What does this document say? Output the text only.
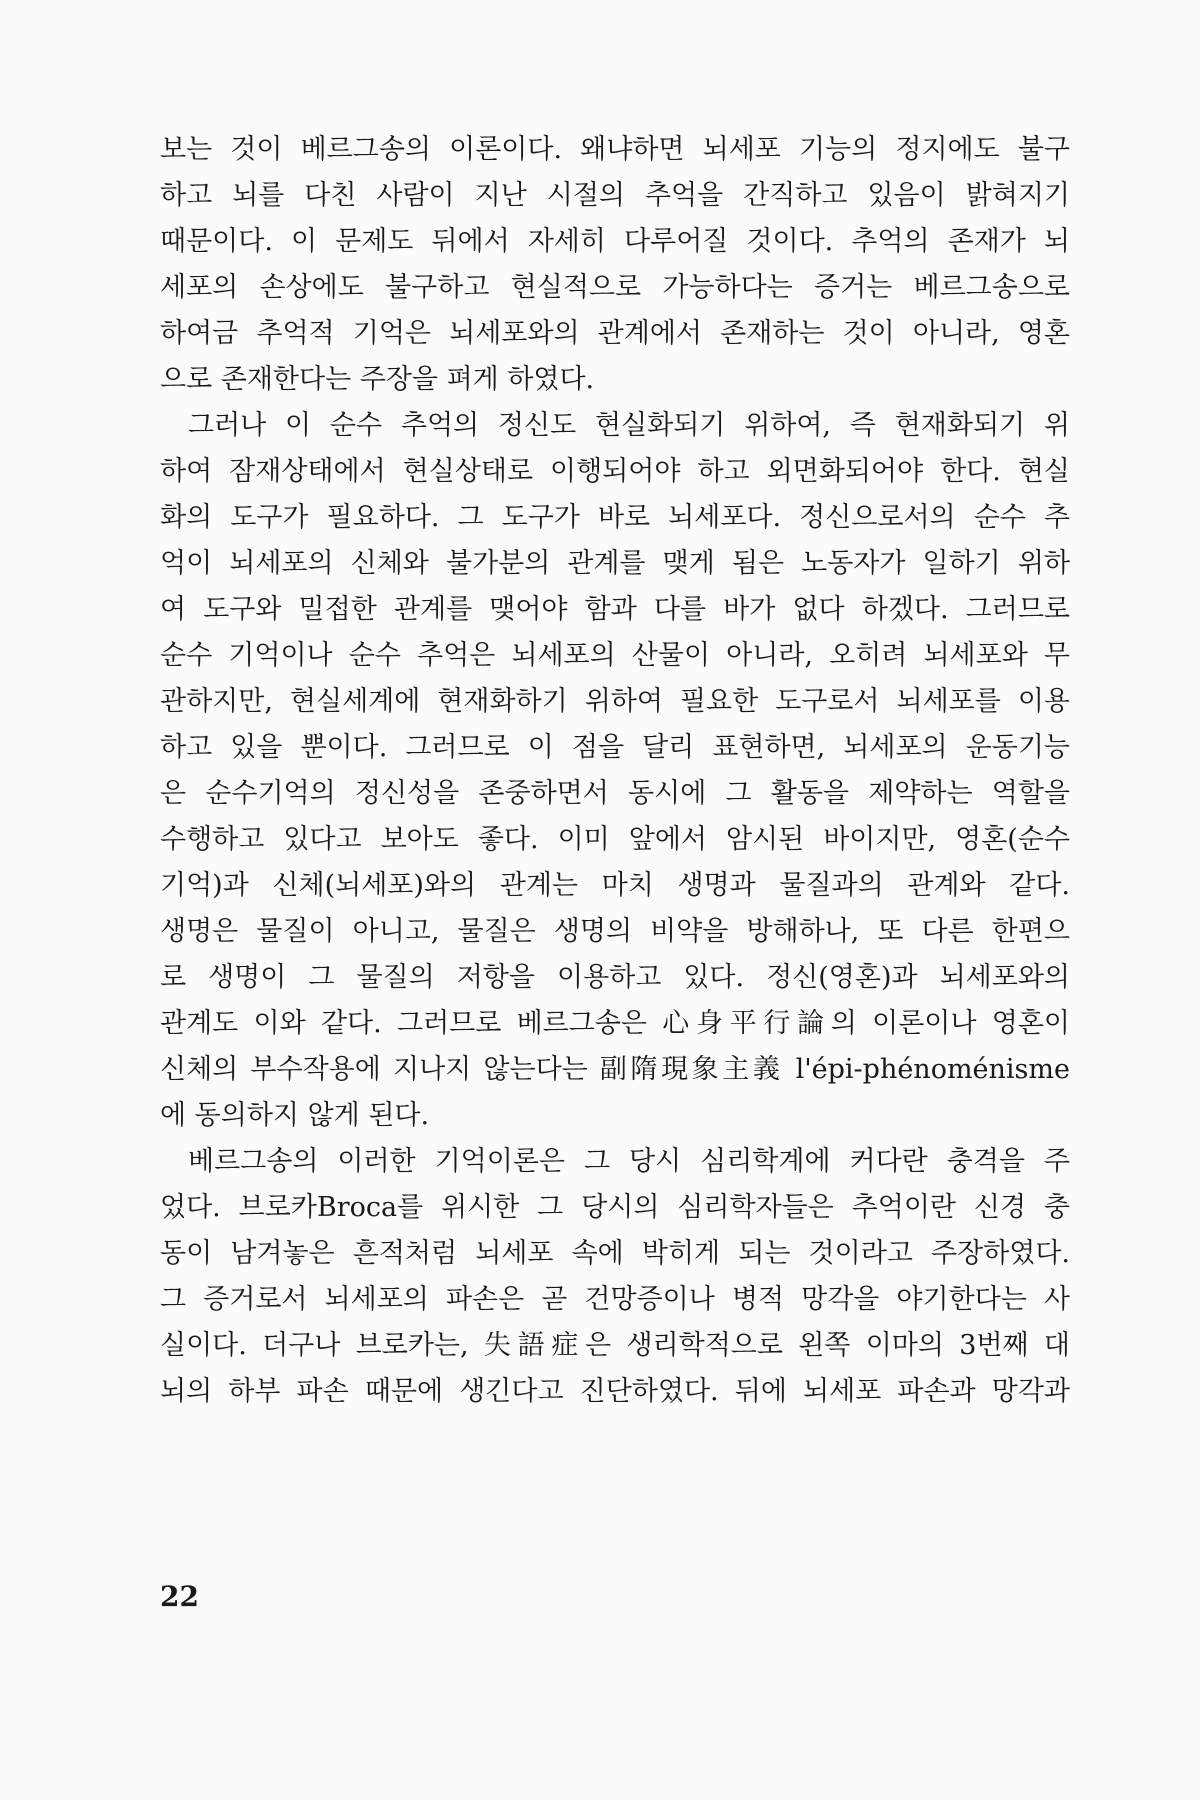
보는 것이 베르그송의 이론이다. 왜냐하면 뇌세포 기능의 정지에도 불구
하고 뇌를 다친 사람이 지난 시절의 추억을 간직하고 있음이 밝혀지기
때문이다. 이 문제도 뒤에서 자세히 다루어질 것이다. 추억의 존재가 뇌
세포의 손상에도 불구하고 현실적으로 가능하다는 증거는 베르그송으로
하여금 추억적 기억은 뇌세포와의 관계에서 존재하는 것이 아니라, 영혼
으로 존재한다는 주장을 펴게 하였다.
그러나 이 순수 추억의 정신도 현실화되기 위하여, 즉 현재화되기 위
하여 잠재상태에서 현실상태로 이행되어야 하고 외면화되어야 한다. 현실
화의 도구가 필요하다. 그 도구가 바로 뇌세포다. 정신으로서의 순수 추
억이 뇌세포의 신체와 불가분의 관계를 맺게 됨은 노동자가 일하기 위하
여 도구와 밀접한 관계를 맺어야 함과 다를 바가 없다 하겠다. 그러므로
순수 기억이나 순수 추억은 뇌세포의 산물이 아니라, 오히려 뇌세포와 무
관하지만, 현실세계에 현재화하기 위하여 필요한 도구로서 뇌세포를 이용
하고 있을 뿐이다. 그러므로 이 점을 달리 표현하면, 뇌세포의 운동기능
은 순수기억의 정신성을 존중하면서 동시에 그 활동을 제약하는 역할을
수행하고 있다고 보아도 좋다. 이미 앞에서 암시된 바이지만, 영혼(순수
기억)과 신체(뇌세포)와의 관계는 마치 생명과 물질과의 관계와 같다.
생명은 물질이 아니고, 물질은 생명의 비약을 방해하나, 또 다른 한편으
로 생명이 그 물질의 저항을 이용하고 있다. 정신(영혼)과 뇌세포와의
관계도 이와 같다. 그러므로 베르그송은 心身平行論의 이론이나 영혼이
신체의 부수작용에 지나지 않는다는 副隋現象主義 l'épi-phénoménisme
에 동의하지 않게 된다.
베르그송의 이러한 기억이론은 그 당시 심리학계에 커다란 충격을 주
었다. 브로카Broca를 위시한 그 당시의 심리학자들은 추억이란 신경 충
동이 남겨놓은 흔적처럼 뇌세포 속에 박히게 되는 것이라고 주장하였다.
그 증거로서 뇌세포의 파손은 곧 건망증이나 병적 망각을 야기한다는 사
실이다. 더구나 브로카는, 失語症은 생리학적으로 왼쪽 이마의 3번째 대
뇌의 하부 파손 때문에 생긴다고 진단하였다. 뒤에 뇌세포 파손과 망각과
22
